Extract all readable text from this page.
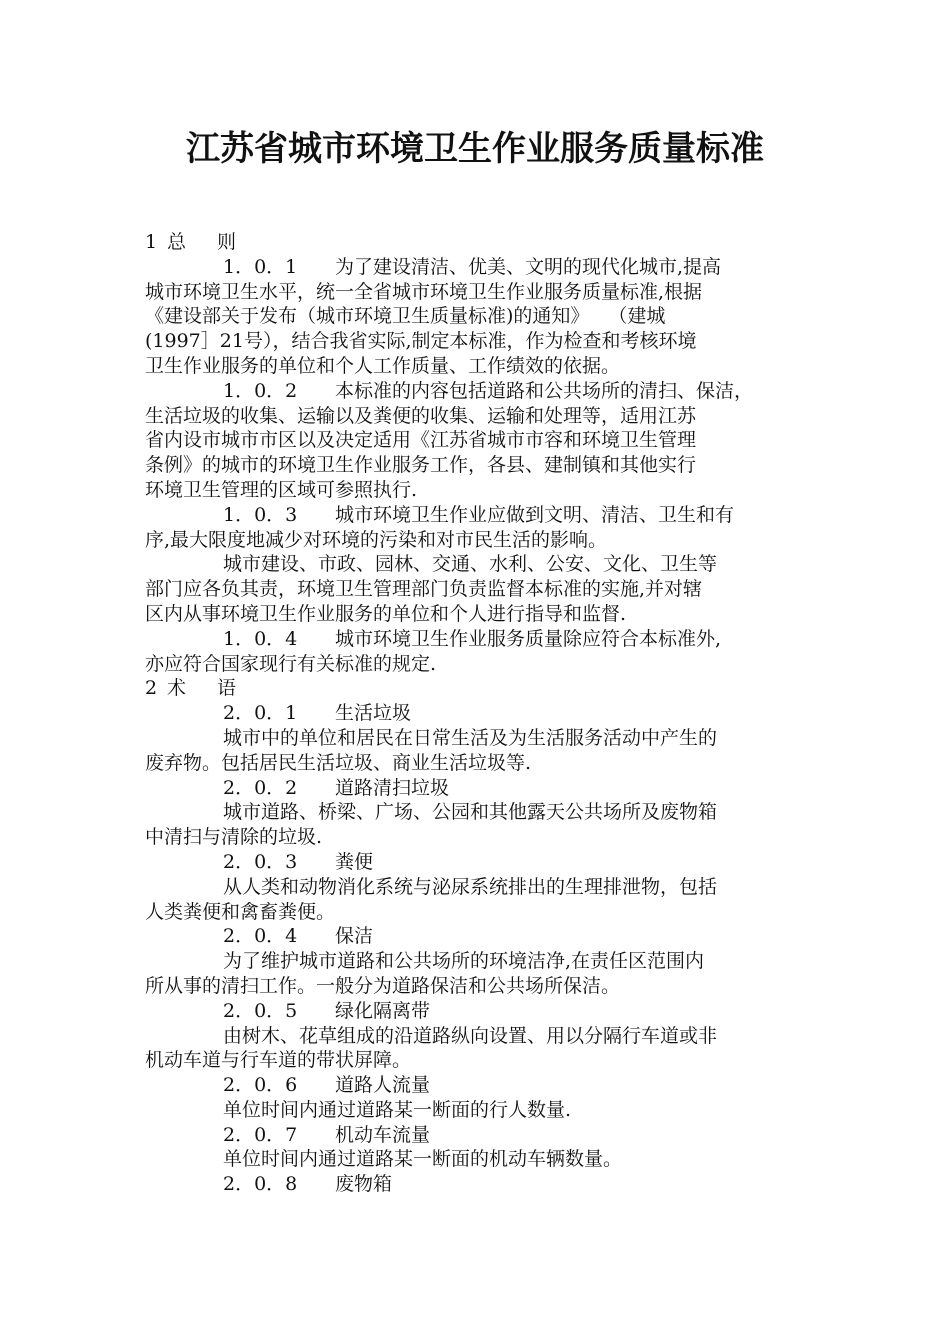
江苏省城市环境卫生作业服务质量标准
1 总 则
1．0．1 为了建设清洁、优美、文明的现代化城市,提高
城市环境卫生水平，统一全省城市环境卫生作业服务质量标准,根据
《建设部关于发布（城市环境卫生质量标准)的通知》　　（建城
(1997］21号），结合我省实际,制定本标准，作为检查和考核环境
卫生作业服务的单位和个人工作质量、工作绩效的依据。
1．0．2 本标准的内容包括道路和公共场所的清扫、保洁，
生活垃圾的收集、运输以及粪便的收集、运输和处理等，适用江苏
省内设市城市市区以及决定适用《江苏省城市市容和环境卫生管理
条例》的城市的环境卫生作业服务工作，各县、建制镇和其他实行
环境卫生管理的区域可参照执行.
1．0．3 城市环境卫生作业应做到文明、清洁、卫生和有
序,最大限度地减少对环境的污染和对市民生活的影响。
城市建设、市政、园林、交通、水利、公安、文化、卫生等
部门应各负其责，环境卫生管理部门负责监督本标准的实施,并对辖
区内从事环境卫生作业服务的单位和个人进行指导和监督.
1．0．4 城市环境卫生作业服务质量除应符合本标准外,
亦应符合国家现行有关标准的规定.
2 术 语
2．0．1 生活垃圾
城市中的单位和居民在日常生活及为生活服务活动中产生的
废弃物。包括居民生活垃圾、商业生活垃圾等.
2．0．2 道路清扫垃圾
城市道路、桥梁、广场、公园和其他露天公共场所及废物箱
中清扫与清除的垃圾.
2．0．3 粪便
从人类和动物消化系统与泌尿系统排出的生理排泄物，包括
人类粪便和禽畜粪便。
2．0．4 保洁
为了维护城市道路和公共场所的环境洁净,在责任区范围内
所从事的清扫工作。一般分为道路保洁和公共场所保洁。
2．0．5 绿化隔离带
由树木、花草组成的沿道路纵向设置、用以分隔行车道或非
机动车道与行车道的带状屏障。
2．0．6 道路人流量
单位时间内通过道路某一断面的行人数量.
2．0．7 机动车流量
单位时间内通过道路某一断面的机动车辆数量。
2．0．8 废物箱
